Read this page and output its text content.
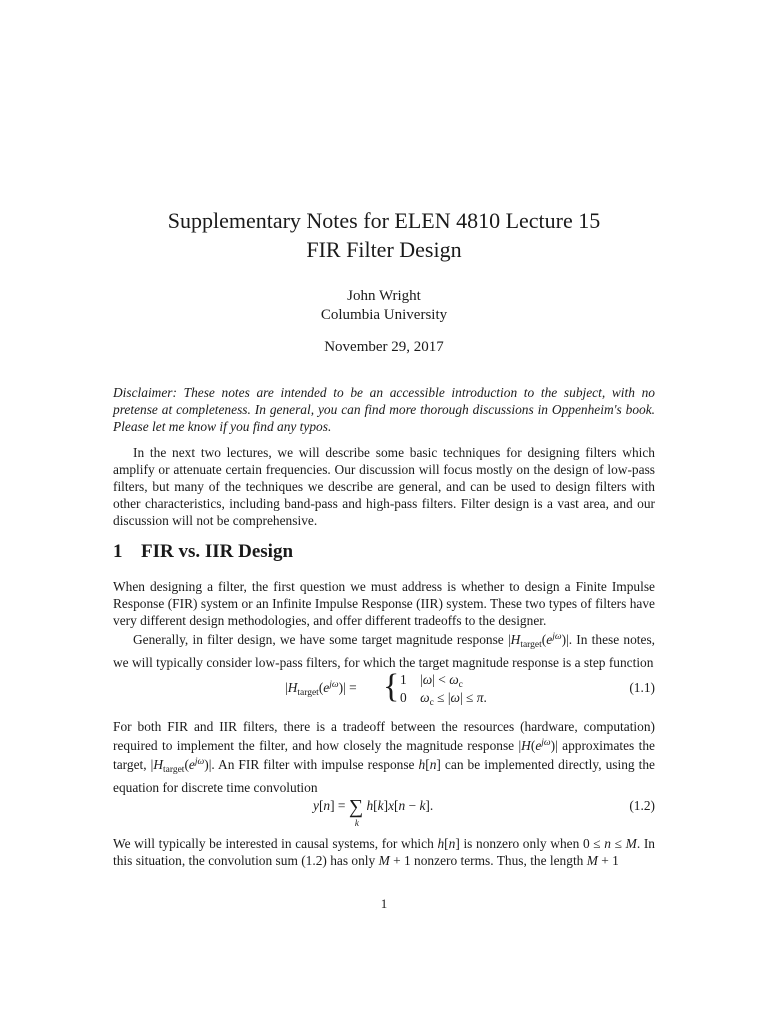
Supplementary Notes for ELEN 4810 Lecture 15
FIR Filter Design
John Wright
Columbia University
November 29, 2017
Disclaimer: These notes are intended to be an accessible introduction to the subject, with no pretense at completeness. In general, you can find more thorough discussions in Oppenheim's book. Please let me know if you find any typos.
In the next two lectures, we will describe some basic techniques for designing filters which amplify or attenuate certain frequencies. Our discussion will focus mostly on the design of low-pass filters, but many of the techniques we describe are general, and can be used to design filters with other characteristics, including band-pass and high-pass filters. Filter design is a vast area, and our discussion will not be comprehensive.
1 FIR vs. IIR Design
When designing a filter, the first question we must address is whether to design a Finite Impulse Response (FIR) system or an Infinite Impulse Response (IIR) system. These two types of filters have very different design methodologies, and offer different tradeoffs to the designer.
Generally, in filter design, we have some target magnitude response $|H_{target}(e^{j\omega})|$. In these notes, we will typically consider low-pass filters, for which the target magnitude response is a step function
$|H_{target}(e^{j\omega})|$ = { 1    $|\omega| < \omega_c$
0    $\omega_c \le |\omega| \le \pi$.
(1.1)
For both FIR and IIR filters, there is a tradeoff between the resources (hardware, computation) required to implement the filter, and how closely the magnitude response $|H(e^{j\omega})|$ approximates the target, $|H_{target}(e^{j\omega})|$. An FIR filter with impulse response h[n] can be implemented directly, using the equation for discrete time convolution
y[n] = ∑
k
h[k]x[n − k].	(1.2)
We will typically be interested in causal systems, for which h[n] is nonzero only when 0 ≤ n ≤ M. In this situation, the convolution sum (1.2) has only M + 1 nonzero terms. Thus, the length M + 1
1
